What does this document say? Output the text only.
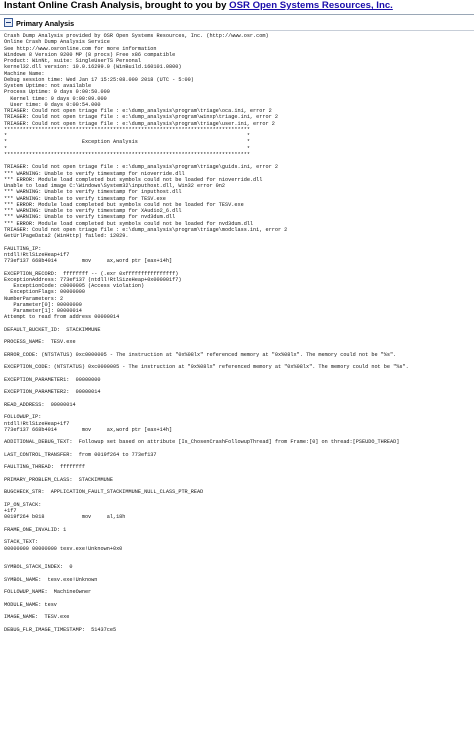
Instant Online Crash Analysis, brought to you by OSR Open Systems Resources, Inc.
Primary Analysis
Crash Dump Analysis provided by OSR Open Systems Resources, Inc. (http://www.osr.com)
Online Crash Dump Analysis Service
See http://www.osronline.com for more information
Windows 8 Version 9200 MP (8 procs) Free x86 compatible
Product: WinNt, suite: SingleUserTS Personal
kernel32.dll version: 10.0.16299.0 (WinBuild.160101.0800)
Machine Name:
Debug session time: Wed Jan 17 15:25:08.000 2018 (UTC - 5:00)
System Uptime: not available
Process Uptime: 0 days 0:00:50.000
Kernel time: 0 days 0:00:09.000
User time: 0 days 0:00:54.000
TRIAGER: Could not open triage file : e:\dump_analysis\program\triage\oca.ini, error 2
TRIAGER: Could not open triage file : e:\dump_analysis\program\winxp\triage.ini, error 2
TRIAGER: Could not open triage file : e:\dump_analysis\program\triage\user.ini, error 2
*******************************************************************************
*                                                                             *
*                        Exception Analysis                                   *
*                                                                             *
*******************************************************************************

TRIAGER: Could not open triage file : e:\dump_analysis\program\triage\guids.ini, error 2
*** WARNING: Unable to verify timestamp for nioverride.dll
*** ERROR: Module load completed but symbols could not be loaded for nioverride.dll
Unable to load image C:\Windows\System32\inputhost.dll, Win32 error 0n2
*** WARNING: Unable to verify timestamp for inputhost.dll
*** WARNING: Unable to verify timestamp for TESV.exe
*** ERROR: Module load completed but symbols could not be loaded for TESV.exe
*** WARNING: Unable to verify timestamp for XAudio2_6.dll
*** WARNING: Unable to verify timestamp for nvd3dum.dll
*** ERROR: Module load completed but symbols could not be loaded for nvd3dum.dll
TRIAGER: Could not open triage file : e:\dump_analysis\program\triage\modclass.ini, error 2
GetUrlPageData2 (WinHttp) failed: 12029.

FAULTING_IP:
ntdll!RtlSizeHeap+1f7
773ef137 668b4014        mov     ax,word ptr [eax+14h]

EXCEPTION_RECORD:  ffffffff -- (.exr 0xffffffffffffffff)
ExceptionAddress: 773ef137 (ntdll!RtlSizeHeap+0x000001f7)
ExceptionCode: c0000005 (Access violation)
ExceptionFlags: 00000000
NumberParameters: 2
Parameter[0]: 00000000
Parameter[1]: 00000014
Attempt to read from address 00000014

DEFAULT_BUCKET_ID:  STACKIMMUNE

PROCESS_NAME:  TESV.exe

ERROR_CODE: (NTSTATUS) 0xc0000005 - The instruction at "0x%08lx" referenced memory at "0x%08lx". The memory could not be "%s".

EXCEPTION_CODE: (NTSTATUS) 0xc0000005 - The instruction at "0x%08lx" referenced memory at "0x%08lx". The memory could not be "%s".

EXCEPTION_PARAMETER1:  00000000

EXCEPTION_PARAMETER2:  00000014

READ_ADDRESS:  00000014

FOLLOWUP_IP:
ntdll!RtlSizeHeap+1f7
773ef137 668b4014        mov     ax,word ptr [eax+14h]

ADDITIONAL_DEBUG_TEXT:  Followup set based on attribute [Is_ChosenCrashFollowupThread] from Frame:[0] on thread:[PSEUDO_THREAD]

LAST_CONTROL_TRANSFER:  from 0019f264 to 773ef137

FAULTING_THREAD:  ffffffff

PRIMARY_PROBLEM_CLASS:  STACKIMMUNE

BUGCHECK_STR:  APPLICATION_FAULT_STACKIMMUNE_NULL_CLASS_PTR_READ

IP_ON_STACK:
+1f7
0019f264 b018            mov     al,18h

FRAME_ONE_INVALID: 1

STACK_TEXT:
00000000 00000000 tesv.exe!Unknown+0x0

SYMBOL_STACK_INDEX:  0

SYMBOL_NAME:  tesv.exe!Unknown

FOLLOWUP_NAME:  MachineOwner

MODULE_NAME: tesv

IMAGE_NAME:  TESV.exe

DEBUG_FLR_IMAGE_TIMESTAMP:  51437ce5
